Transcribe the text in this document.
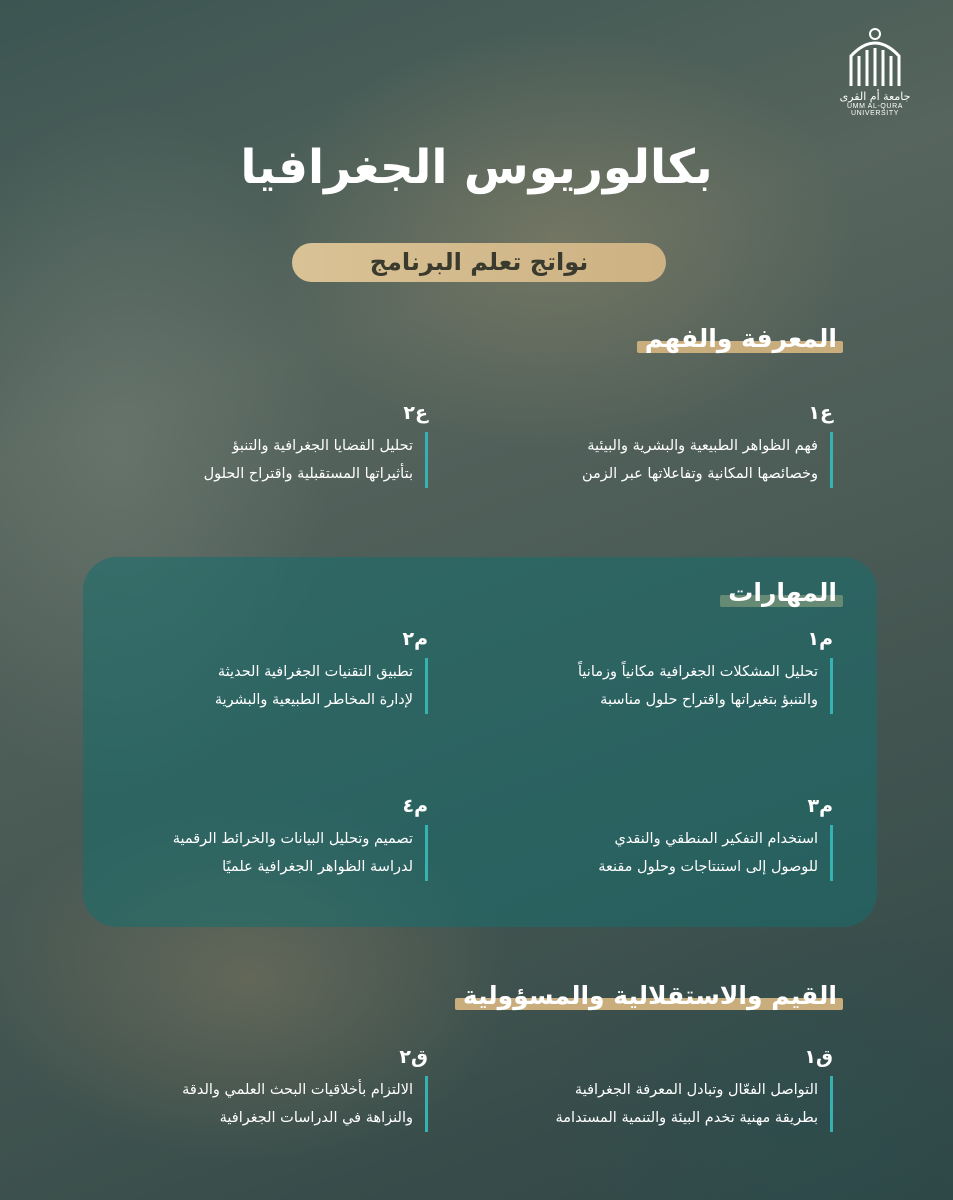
جامعة أم القرى
UMM AL-QURA UNIVERSITY
بكالوريوس الجغرافيا
نواتج تعلم البرنامج
المعرفة والفهم
ع١
فهم الظواهر الطبيعية والبشرية والبيئية
وخصائصها المكانية وتفاعلاتها عبر الزمن
ع٢
تحليل القضايا الجغرافية والتنبؤ
بتأثيراتها المستقبلية واقتراح الحلول
المهارات
م١
تحليل المشكلات الجغرافية مكانياً وزمانياً
والتنبؤ بتغيراتها واقتراح حلول مناسبة
م٢
تطبيق التقنيات الجغرافية الحديثة
لإدارة المخاطر الطبيعية والبشرية
م٣
استخدام التفكير المنطقي والنقدي
للوصول إلى استنتاجات وحلول مقنعة
م٤
تصميم وتحليل البيانات والخرائط الرقمية
لدراسة الظواهر الجغرافية علميًا
القيم والاستقلالية والمسؤولية
ق١
التواصل الفعّال وتبادل المعرفة الجغرافية
بطريقة مهنية تخدم البيئة والتنمية المستدامة
ق٢
الالتزام بأخلاقيات البحث العلمي والدقة
والنزاهة في الدراسات الجغرافية
